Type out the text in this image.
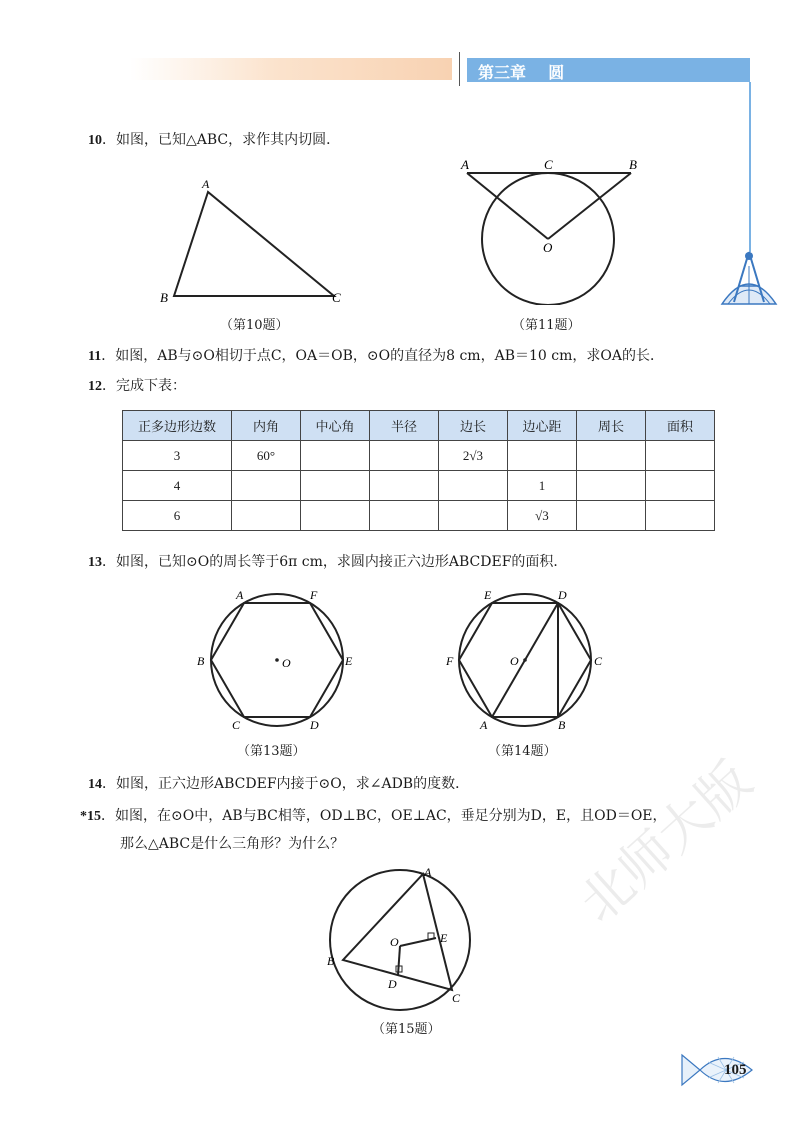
第三章    圆
10．如图，已知△ABC，求作其内切圆．
A
B	C
（第10题）
A	C	B
O
（第11题）
11．如图，AB与⊙O相切于点C，OA＝OB，⊙O的直径为8 cm，AB＝10 cm，求OA的长．
12．完成下表：
正多边形边数	内角	中心角	半径	边长	边心距	周长	面积
3	60°			2√3			
4					1		
6					√3		
13．如图，已知⊙O的周长等于6π cm，求圆内接正六边形ABCDEF的面积．
A	F
B	O	E
C	D
（第13题）
E	D
F	O	C
A	B
（第14题）
14．如图，正六边形ABCDEF内接于⊙O，求∠ADB的度数．
*15．如图，在⊙O中，AB与BC相等，OD⊥BC，OE⊥AC，垂足分别为D，E，且OD＝OE，
那么△ABC是什么三角形？为什么？
A
O	E
B
D
C
（第15题）
北师大版
105
